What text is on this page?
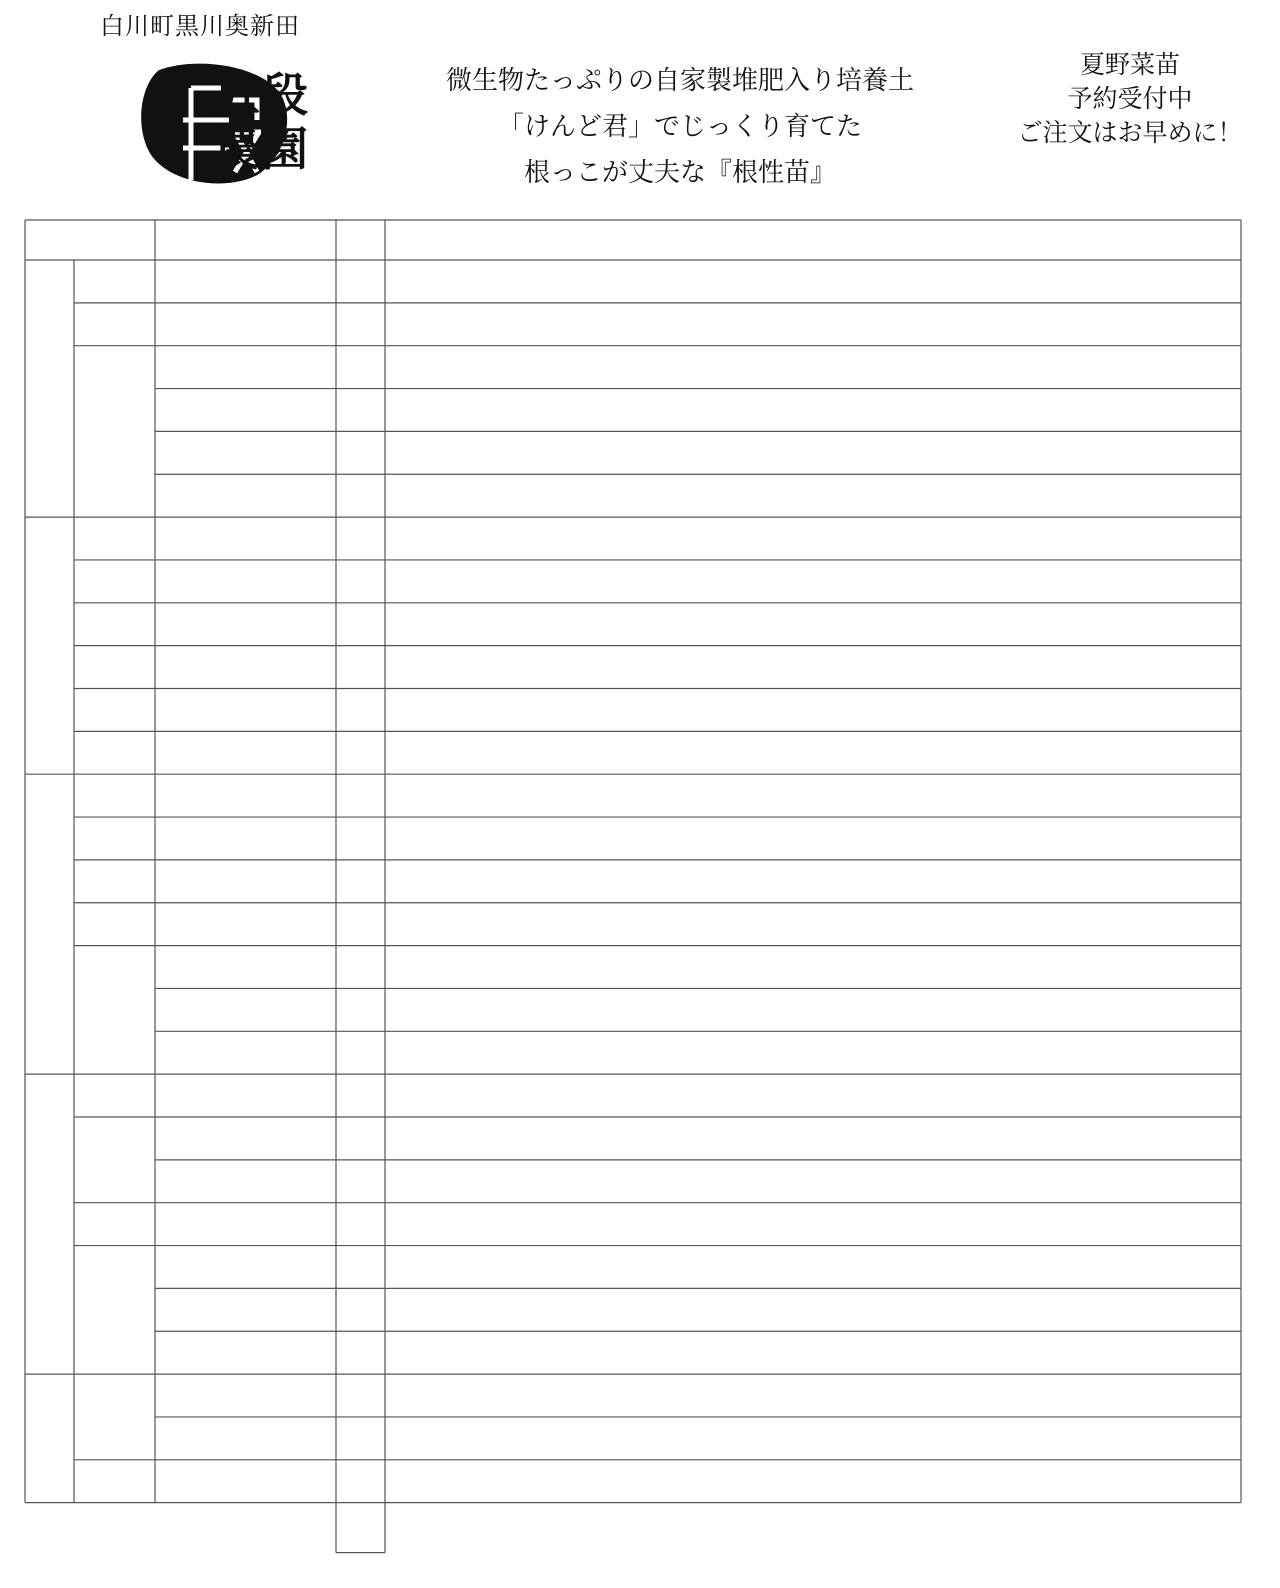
白川町黒川奥新田
五段
農園
微生物たっぷりの自家製堆肥入り培養土
「けんど君」でじっくり育てた
根っこが丈夫な『根性苗』
夏野菜苗
予約受付中
ご注文はお早めに！
